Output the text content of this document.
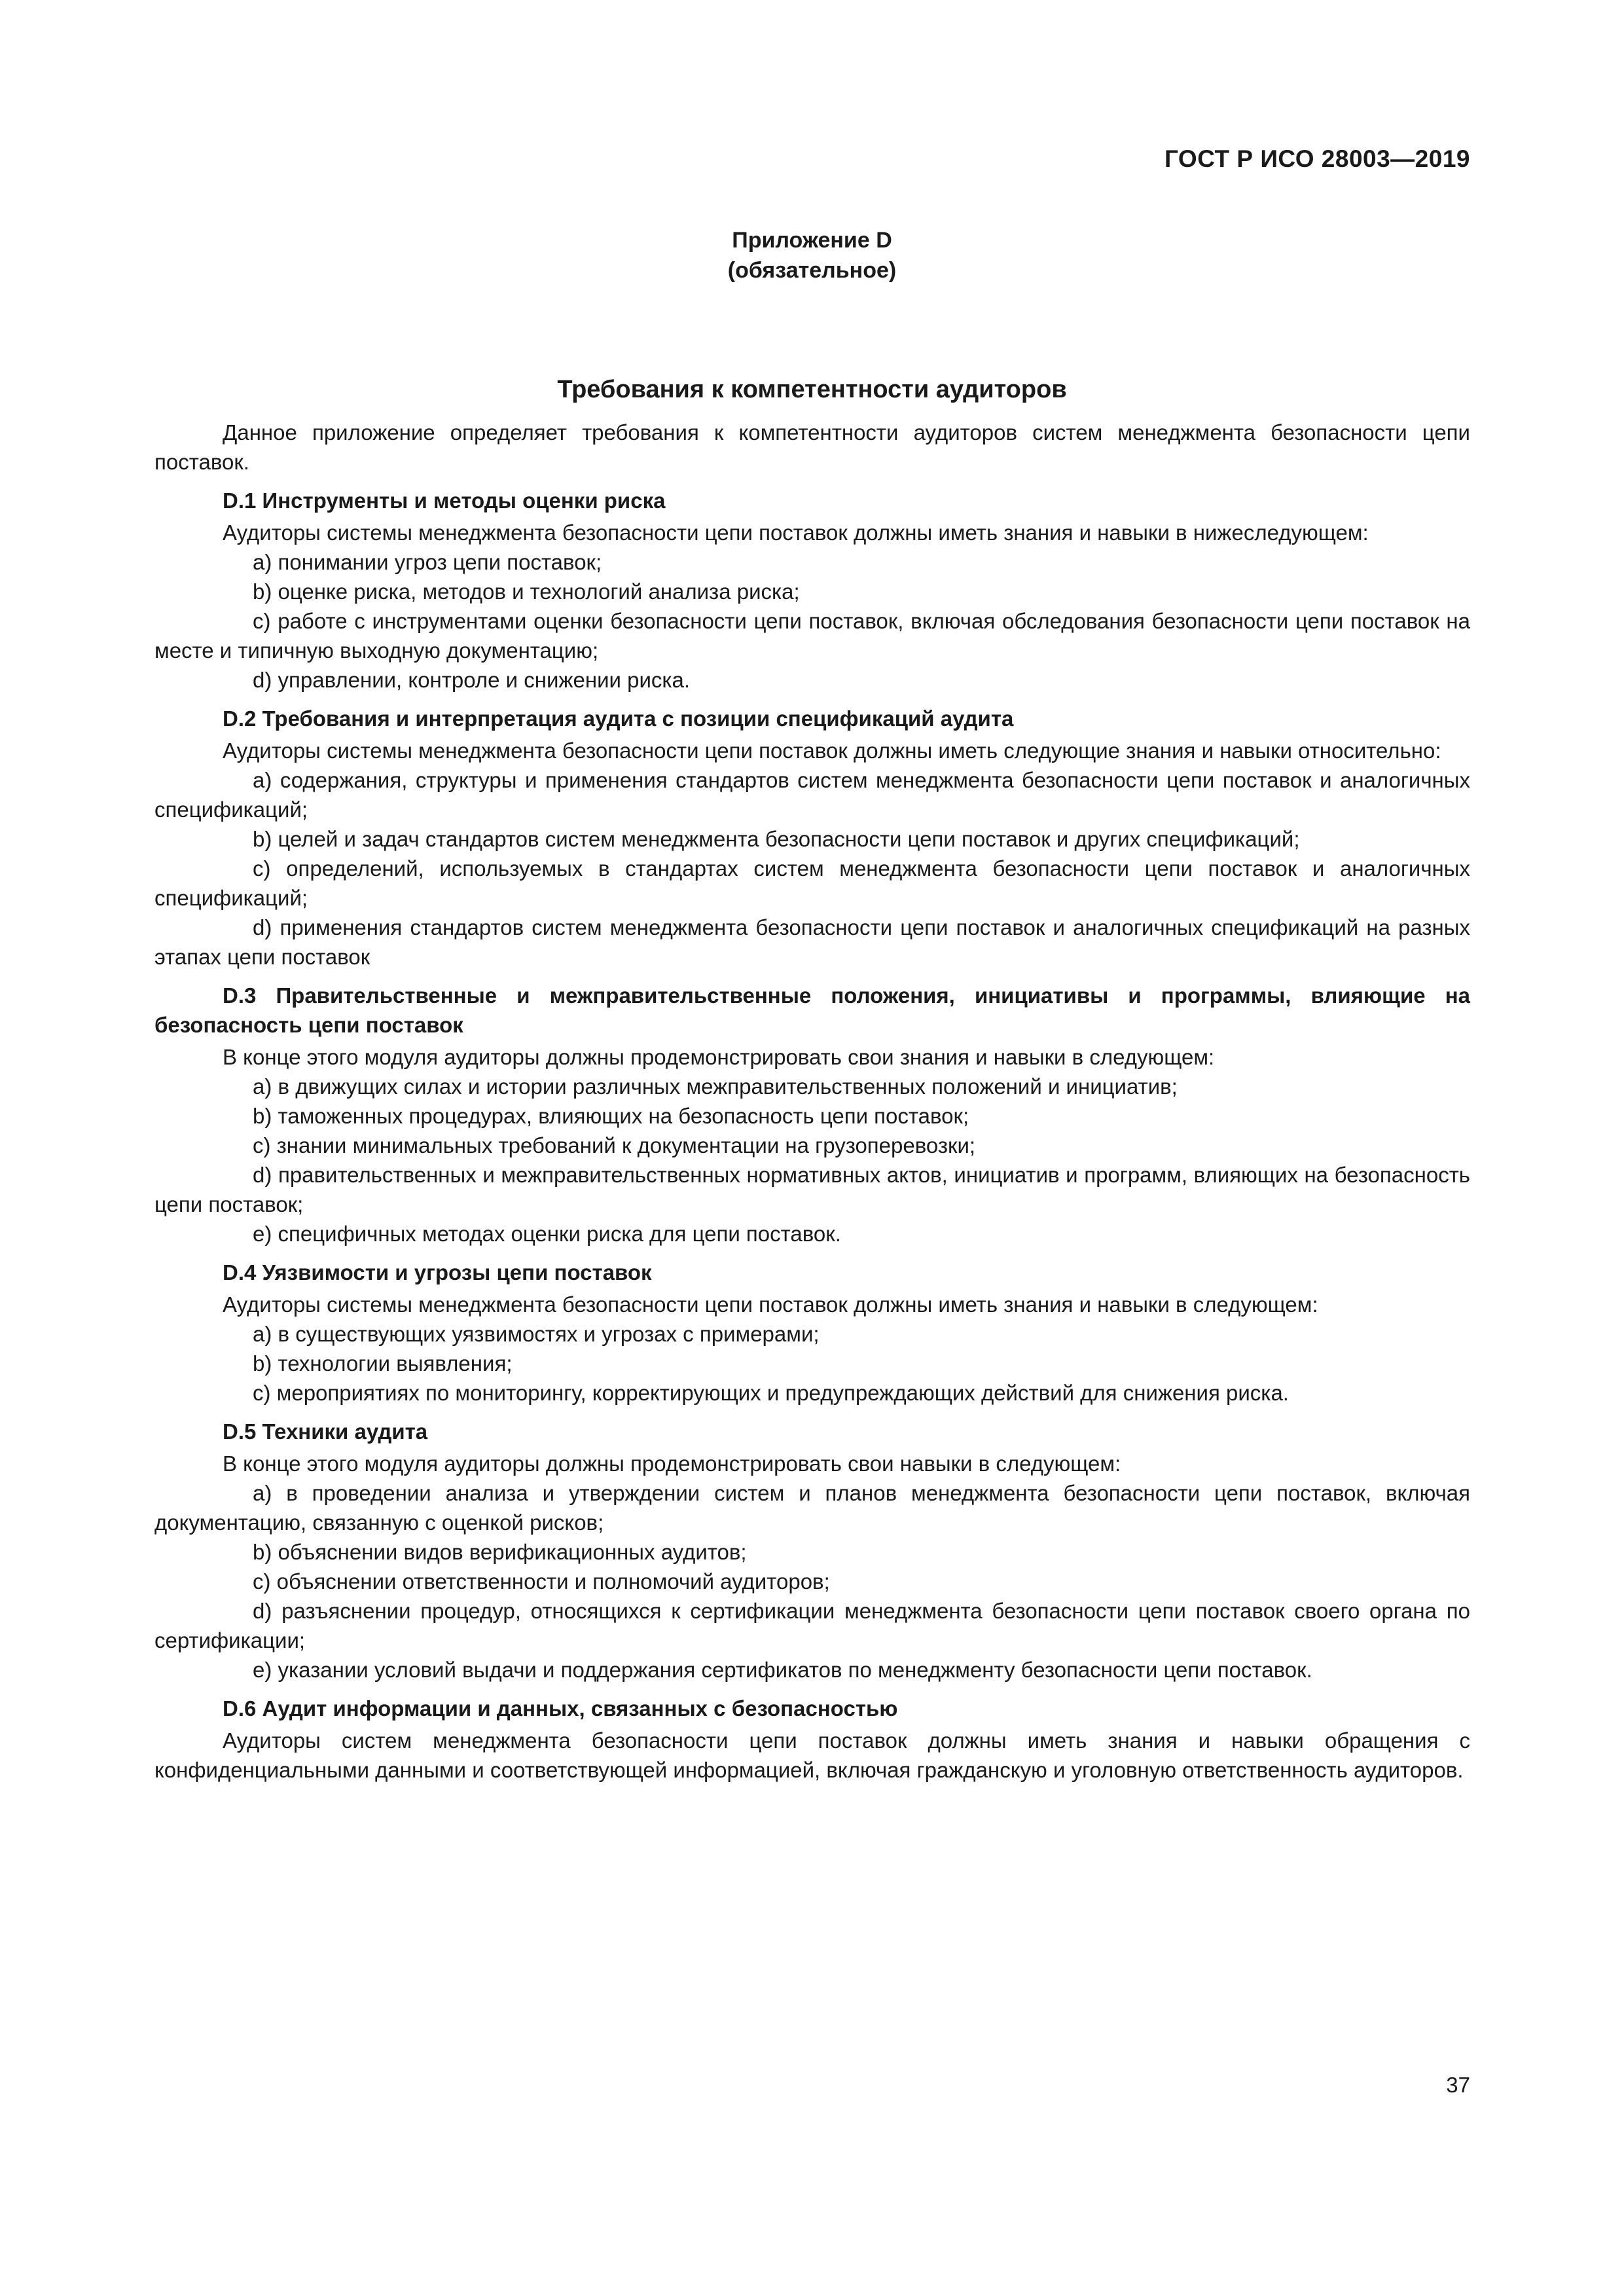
ГОСТ Р ИСО 28003—2019
Приложение D
(обязательное)
Требования к компетентности аудиторов

Данное приложение определяет требования к компетентности аудиторов систем менеджмента безопасности цепи поставок.

D.1 Инструменты и методы оценки риска

Аудиторы системы менеджмента безопасности цепи поставок должны иметь знания и навыки в нижеследующем:

a) понимании угроз цепи поставок;

b) оценке риска, методов и технологий анализа риска;

c) работе с инструментами оценки безопасности цепи поставок, включая обследования безопасности цепи поставок на месте и типичную выходную документацию;

d) управлении, контроле и снижении риска.

D.2 Требования и интерпретация аудита с позиции спецификаций аудита

Аудиторы системы менеджмента безопасности цепи поставок должны иметь следующие знания и навыки относительно:

a) содержания, структуры и применения стандартов систем менеджмента безопасности цепи поставок и аналогичных спецификаций;

b) целей и задач стандартов систем менеджмента безопасности цепи поставок и других спецификаций;

c) определений, используемых в стандартах систем менеджмента безопасности цепи поставок и аналогичных спецификаций;

d) применения стандартов систем менеджмента безопасности цепи поставок и аналогичных спецификаций на разных этапах цепи поставок

D.3 Правительственные и межправительственные положения, инициативы и программы, влияющие на безопасность цепи поставок

В конце этого модуля аудиторы должны продемонстрировать свои знания и навыки в следующем:

a) в движущих силах и истории различных межправительственных положений и инициатив;

b) таможенных процедурах, влияющих на безопасность цепи поставок;

c) знании минимальных требований к документации на грузоперевозки;

d) правительственных и межправительственных нормативных актов, инициатив и программ, влияющих на безопасность цепи поставок;

e) специфичных методах оценки риска для цепи поставок.

D.4 Уязвимости и угрозы цепи поставок

Аудиторы системы менеджмента безопасности цепи поставок должны иметь знания и навыки в следующем:

a) в существующих уязвимостях и угрозах с примерами;

b) технологии выявления;

c) мероприятиях по мониторингу, корректирующих и предупреждающих действий для снижения риска.

D.5 Техники аудита

В конце этого модуля аудиторы должны продемонстрировать свои навыки в следующем:

a) в проведении анализа и утверждении систем и планов менеджмента безопасности цепи поставок, включая документацию, связанную с оценкой рисков;

b) объяснении видов верификационных аудитов;

c) объяснении ответственности и полномочий аудиторов;

d) разъяснении процедур, относящихся к сертификации менеджмента безопасности цепи поставок своего органа по сертификации;

e) указании условий выдачи и поддержания сертификатов по менеджменту безопасности цепи поставок.

D.6 Аудит информации и данных, связанных с безопасностью

Аудиторы систем менеджмента безопасности цепи поставок должны иметь знания и навыки обращения с конфиденциальными данными и соответствующей информацией, включая гражданскую и уголовную ответственность аудиторов.

37
